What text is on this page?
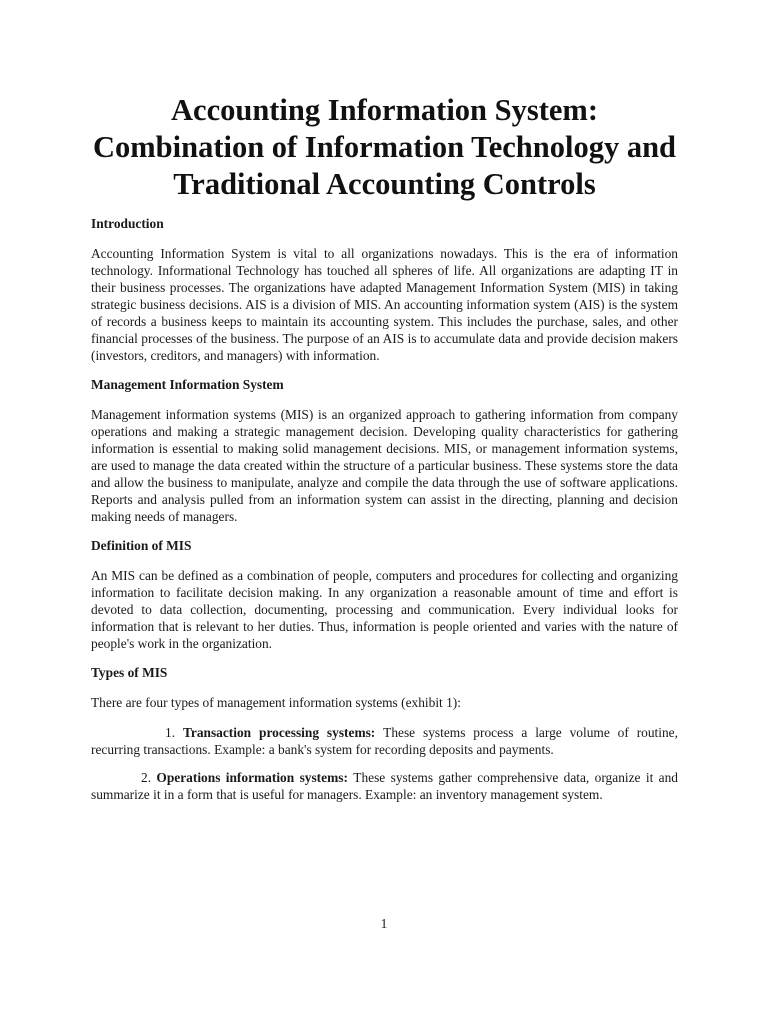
Accounting Information System:
Combination of Information Technology and
Traditional Accounting Controls
Introduction

Accounting Information System is vital to all organizations nowadays. This is the era of information technology. Informational Technology has touched all spheres of life. All organizations are adapting IT in their business processes. The organizations have adapted Management Information System (MIS) in taking strategic business decisions. AIS is a division of MIS. An accounting information system (AIS) is the system of records a business keeps to maintain its accounting system. This includes the purchase, sales, and other financial processes of the business. The purpose of an AIS is to accumulate data and provide decision makers (investors, creditors, and managers) with information.

Management Information System

Management information systems (MIS) is an organized approach to gathering information from company operations and making a strategic management decision. Developing quality characteristics for gathering information is essential to making solid management decisions. MIS, or management information systems, are used to manage the data created within the structure of a particular business. These systems store the data and allow the business to manipulate, analyze and compile the data through the use of software applications. Reports and analysis pulled from an information system can assist in the directing, planning and decision making needs of managers.

Definition of MIS

An MIS can be defined as a combination of people, computers and procedures for collecting and organizing information to facilitate decision making. In any organization a reasonable amount of time and effort is devoted to data collection, documenting, processing and communication. Every individual looks for information that is relevant to her duties. Thus, information is people oriented and varies with the nature of people's work in the organization.

Types of MIS

There are four types of management information systems (exhibit 1):

1. Transaction processing systems: These systems process a large volume of routine, recurring transactions. Example: a bank's system for recording deposits and payments.
2. Operations information systems: These systems gather comprehensive data, organize it and summarize it in a form that is useful for managers. Example: an inventory management system.
1
